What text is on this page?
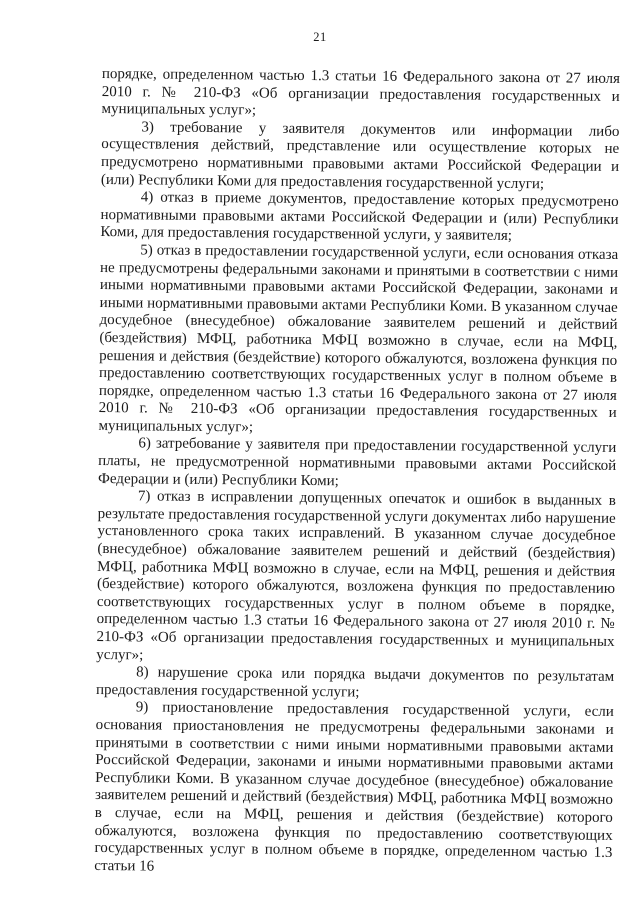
21

порядке, определенном частью 1.3 статьи 16 Федерального закона от 27 июля 2010 г. № 210-ФЗ «Об организации предоставления государственных и муниципальных услуг»;

3) требование у заявителя документов или информации либо осуществления действий, представление или осуществление которых не предусмотрено нормативными правовыми актами Российской Федерации и (или) Республики Коми для предоставления государственной услуги;

4) отказ в приеме документов, предоставление которых предусмотрено нормативными правовыми актами Российской Федерации и (или) Республики Коми, для предоставления государственной услуги, у заявителя;

5) отказ в предоставлении государственной услуги, если основания отказа не предусмотрены федеральными законами и принятыми в соответствии с ними иными нормативными правовыми актами Российской Федерации, законами и иными нормативными правовыми актами Республики Коми. В указанном случае досудебное (внесудебное) обжалование заявителем решений и действий (бездействия) МФЦ, работника МФЦ возможно в случае, если на МФЦ, решения и действия (бездействие) которого обжалуются, возложена функция по предоставлению соответствующих государственных услуг в полном объеме в порядке, определенном частью 1.3 статьи 16 Федерального закона от 27 июля 2010 г. № 210-ФЗ «Об организации предоставления государственных и муниципальных услуг»;

6) затребование у заявителя при предоставлении государственной услуги платы, не предусмотренной нормативными правовыми актами Российской Федерации и (или) Республики Коми;

7) отказ в исправлении допущенных опечаток и ошибок в выданных в результате предоставления государственной услуги документах либо нарушение установленного срока таких исправлений. В указанном случае досудебное (внесудебное) обжалование заявителем решений и действий (бездействия) МФЦ, работника МФЦ возможно в случае, если на МФЦ, решения и действия (бездействие) которого обжалуются, возложена функция по предоставлению соответствующих государственных услуг в полном объеме в порядке, определенном частью 1.3 статьи 16 Федерального закона от 27 июля 2010 г. № 210-ФЗ «Об организации предоставления государственных и муниципальных услуг»;

8) нарушение срока или порядка выдачи документов по результатам предоставления государственной услуги;

9) приостановление предоставления государственной услуги, если основания приостановления не предусмотрены федеральными законами и принятыми в соответствии с ними иными нормативными правовыми актами Российской Федерации, законами и иными нормативными правовыми актами Республики Коми. В указанном случае досудебное (внесудебное) обжалование заявителем решений и действий (бездействия) МФЦ, работника МФЦ возможно в случае, если на МФЦ, решения и действия (бездействие) которого обжалуются, возложена функция по предоставлению соответствующих государственных услуг в полном объеме в порядке, определенном частью 1.3 статьи 16
